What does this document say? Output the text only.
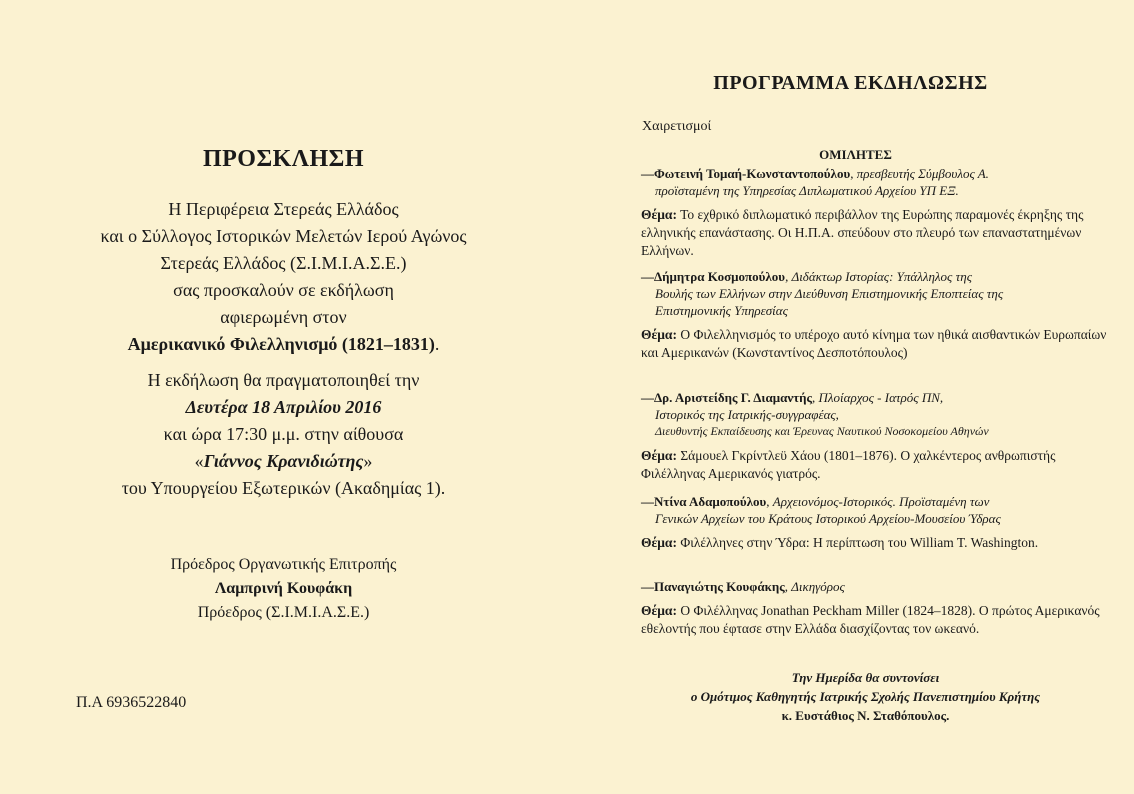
ΠΡΟΣΚΛΗΣΗ
Η Περιφέρεια Στερεάς Ελλάδος
και ο Σύλλογος Ιστορικών Μελετών Ιερού Αγώνος
Στερεάς Ελλάδος (Σ.Ι.Μ.Ι.Α.Σ.Ε.)
σας προσκαλούν σε εκδήλωση
αφιερωμένη στον
Αμερικανικό Φιλελληνισμό (1821–1831).
Η εκδήλωση θα πραγματοποιηθεί την
Δευτέρα 18 Απριλίου 2016
και ώρα 17:30 μ.μ. στην αίθουσα
«Γιάννος Κρανιδιώτης»
του Υπουργείου Εξωτερικών (Ακαδημίας 1).
Πρόεδρος Οργανωτικής Επιτροπής
Λαμπρινή Κουφάκη
Πρόεδρος (Σ.Ι.Μ.Ι.Α.Σ.Ε.)
Π.Α 6936522840
ΠΡΟΓΡΑΜΜΑ ΕΚΔΗΛΩΣΗΣ
Χαιρετισμοί
ΟΜΙΛΗΤΕΣ

—Φωτεινή Τομαή-Κωνσταντοπούλου, πρεσβευτής Σύμβουλος Α.

προϊσταμένη της Υπηρεσίας Διπλωματικού Αρχείου ΥΠ ΕΞ.

Θέμα: Το εχθρικό διπλωματικό περιβάλλον της Ευρώπης παραμονές έκρηξης της ελληνικής επανάστασης. Οι Η.Π.Α. σπεύδουν στο πλευρό των επαναστατημένων Ελλήνων.

—Δήμητρα Κοσμοπούλου, Διδάκτωρ Ιστορίας: Υπάλληλος της

Βουλής των Ελλήνων στην Διεύθυνση Επιστημονικής Εποπτείας της

Επιστημονικής Υπηρεσίας

Θέμα: Ο Φιλελληνισμός το υπέροχο αυτό κίνημα των ηθικά αισθαντικών Ευρωπαίων και Αμερικανών (Κωνσταντίνος Δεσποτόπουλος)

—Δρ. Αριστείδης Γ. Διαμαντής, Πλοίαρχος - Ιατρός ΠΝ,

Ιστορικός της Ιατρικής-συγγραφέας,

Διευθυντής Εκπαίδευσης και Έρευνας Ναυτικού Νοσοκομείου Αθηνών

Θέμα: Σάμουελ Γκρίντλεϋ Χάου (1801–1876). Ο χαλκέντερος ανθρωπιστής Φιλέλληνας Αμερικανός γιατρός.

—Ντίνα Αδαμοπούλου, Αρχειονόμος-Ιστορικός. Προϊσταμένη των

Γενικών Αρχείων του Κράτους Ιστορικού Αρχείου-Μουσείου Ύδρας

Θέμα: Φιλέλληνες στην Ύδρα: Η περίπτωση του William T. Washington.

—Παναγιώτης Κουφάκης, Δικηγόρος

Θέμα: Ο Φιλέλληνας Jonathan Peckham Miller (1824–1828). Ο πρώτος Αμερικανός εθελοντής που έφτασε στην Ελλάδα διασχίζοντας τον ωκεανό.

Την Ημερίδα θα συντονίσει
ο Ομότιμος Καθηγητής Ιατρικής Σχολής Πανεπιστημίου Κρήτης
κ. Ευστάθιος Ν. Σταθόπουλος.
